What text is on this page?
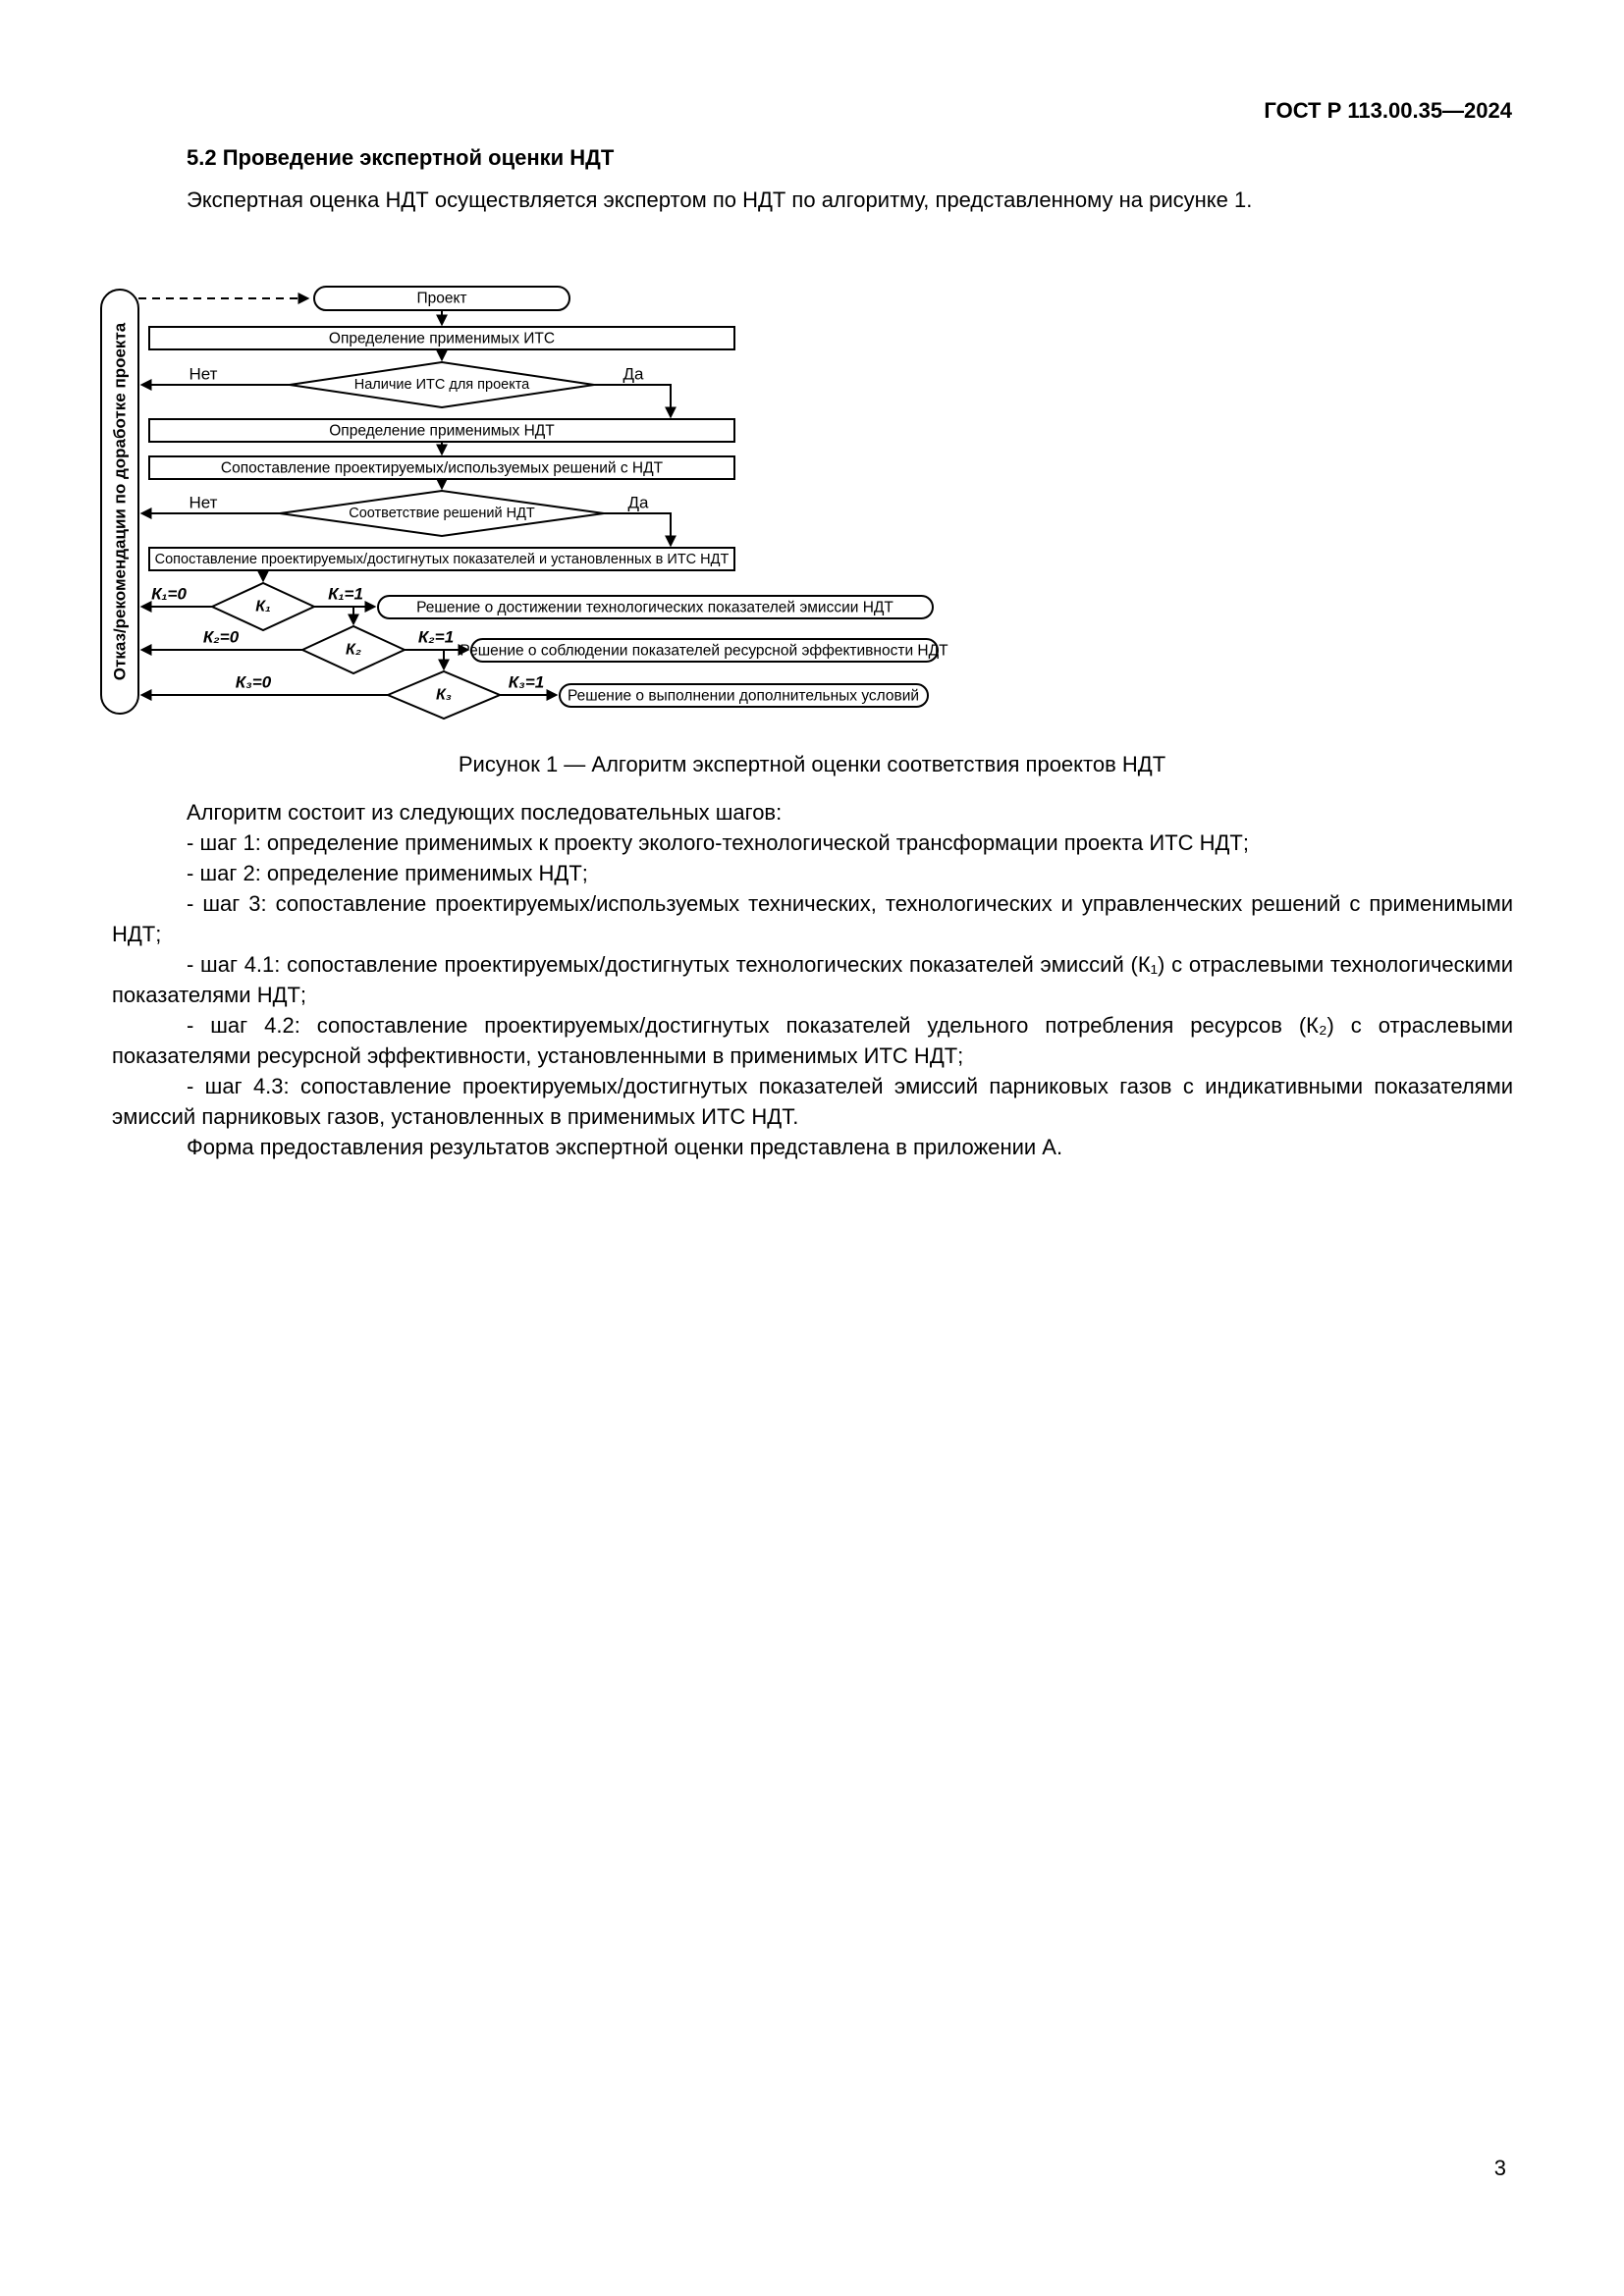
ГОСТ Р 113.00.35—2024
5.2 Проведение экспертной оценки НДТ

Экспертная оценка НДТ осуществляется экспертом по НДТ по алгоритму, представленному на рисунке 1.

Отказ/рекомендации по доработке проекта
Проект
Определение применимых ИТС
Наличие ИТС для проекта
Определение применимых НДТ
Сопоставление проектируемых/используемых решений с НДТ
Соответствие решений НДТ
Сопоставление проектируемых/достигнутых показателей и установленных в ИТС НДТ
К₁	Решение о достижении технологических показателей эмиссии НДТ
К₂	Решение о соблюдении показателей ресурсной эффективности НДТ
К₃	Решение о выполнении дополнительных условий
Нет	Да
Нет	Да
К₁=0	К₁=1
К₂=0	К₂=1
К₃=0	К₃=1
Рисунок 1 — Алгоритм экспертной оценки соответствия проектов НДТ

Алгоритм состоит из следующих последовательных шагов:

- шаг 1: определение применимых к проекту эколого-технологической трансформации проекта ИТС НДТ;

- шаг 2: определение применимых НДТ;

- шаг 3: сопоставление проектируемых/используемых технических, технологических и управленческих решений с применимыми НДТ;

- шаг 4.1: сопоставление проектируемых/достигнутых технологических показателей эмиссий (К₁) с отраслевыми технологическими показателями НДТ;

- шаг 4.2: сопоставление проектируемых/достигнутых показателей удельного потребления ресурсов (К₂) с отраслевыми показателями ресурсной эффективности, установленными в применимых ИТС НДТ;

- шаг 4.3: сопоставление проектируемых/достигнутых показателей эмиссий парниковых газов с индикативными показателями эмиссий парниковых газов, установленных в применимых ИТС НДТ.

Форма предоставления результатов экспертной оценки представлена в приложении А.

3
